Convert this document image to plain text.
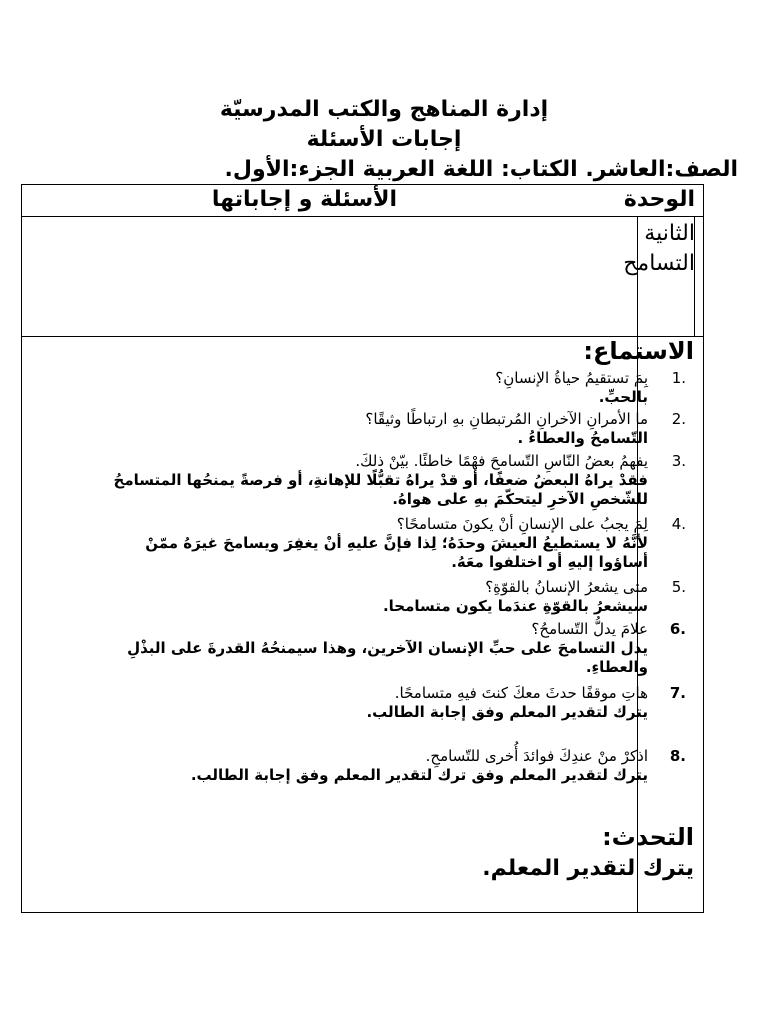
إدارة المناهج والكتب المدرسيّة
إجابات الأسئلة
الصف:العاشر. الكتاب: اللغة العربية الجزء:الأول.
الوحدة
الأسئلة و إجاباتها
الثانية التسامح
الاستماع:
1.
بِمَ تستقيمُ حياةُ الإنسانِ؟
بالحبِّ.
2.
ما الأمرانِ الآخرانِ المُرتبطانِ بهِ ارتباطًا وثيقًا؟
التّسامحُ والعطاءُ .
3.
يفهمُ بعضُ النّاسِ التّسامحَ فهْمًا خاطئًا. بيّنْ ذلكَ.
فقدْ يراهُ البعضُ ضعفًا، أو قدْ يراهُ تقبُّلًا للإهانةِ، أو فرصةً يمنحُها المتسامحُ للشّخصِ الآخرِ ليتحكّمَ بهِ على هواهُ.
4.
لِمَ يجبُ على الإنسانِ أنْ يكونَ متسامحًا؟
لأنَّهُ لا يستطيعُ العيشَ وحدَهُ؛ لِذا فإنَّ عليهِ أنْ يغفِرَ ويسامحَ غيرَهُ ممّنْ أساؤوا إليهِ أو اختلفوا معَهُ.
5.
متى يشعرُ الإنسانُ بالقوّةِ؟
سيشعرُ بالقوّةِ عندَما يكون متسامحا.
6.
علامَ يدلُّ التّسامحُ؟
يدل التسامحَ على حبِّ الإنسان الآخرين، وهذا سيمنحُهُ القدرةَ على البذْلِ والعطاءِ.
7.
هاتِ موقفًا حدثَ معكَ كنتَ فيهِ متسامحًا.
يترك لتقدير المعلم وفق إجابة الطالب.
8.
اذكرْ منْ عندِكَ فوائدَ أُخرى للتّسامحِ.
يترك لتقدير المعلم وفق ترك لتقدير المعلم وفق إجابة الطالب.
التحدث:
يترك لتقدير المعلم.
